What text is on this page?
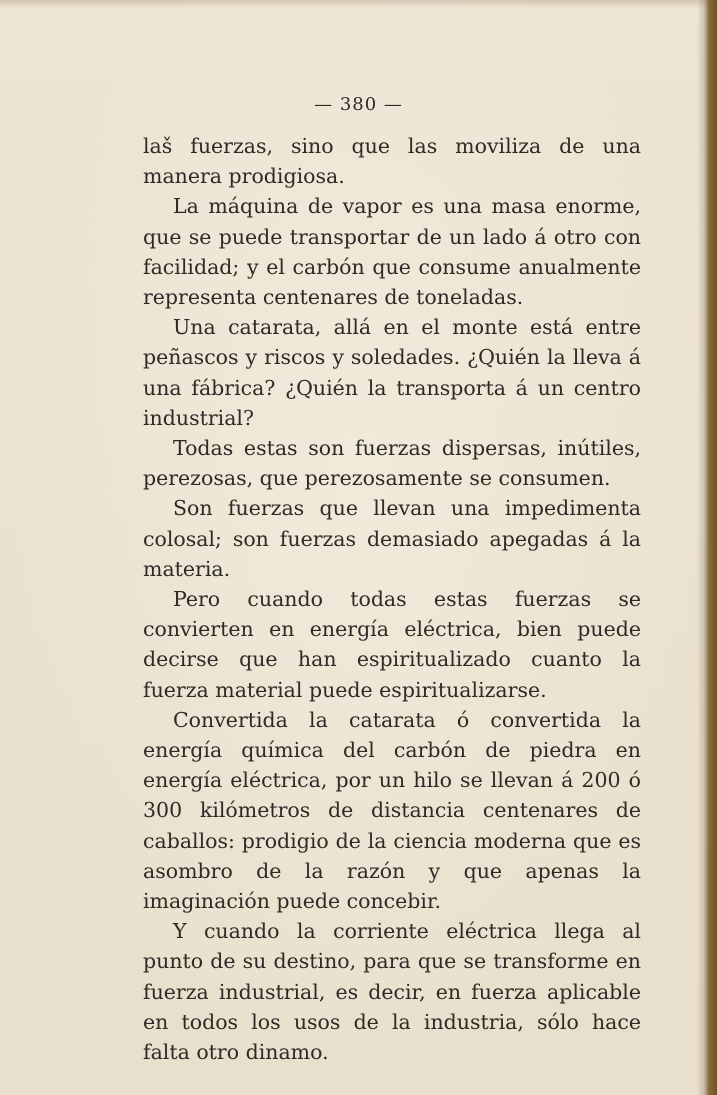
— 380 —

laš fuerzas, sino que las moviliza de una manera prodigiosa.

La máquina de vapor es una masa enorme, que se puede transportar de un lado á otro con facilidad; y el carbón que consume anualmente representa centenares de toneladas.

Una catarata, allá en el monte está entre peñascos y riscos y soledades. ¿Quién la lleva á una fábrica? ¿Quién la transporta á un centro industrial?

Todas estas son fuerzas dispersas, inútiles, perezosas, que perezosamente se consumen.

Son fuerzas que llevan una impedimenta colosal; son fuerzas demasiado apegadas á la materia.

Pero cuando todas estas fuerzas se convierten en energía eléctrica, bien puede decirse que han espiritualizado cuanto la fuerza material puede espiritualizarse.

Convertida la catarata ó convertida la energía química del carbón de piedra en energía eléctrica, por un hilo se llevan á 200 ó 300 kilómetros de distancia centenares de caballos: prodigio de la ciencia moderna que es asombro de la razón y que apenas la imaginación puede concebir.

Y cuando la corriente eléctrica llega al punto de su destino, para que se transforme en fuerza industrial, es decir, en fuerza aplicable en todos los usos de la industria, sólo hace falta otro dinamo.
